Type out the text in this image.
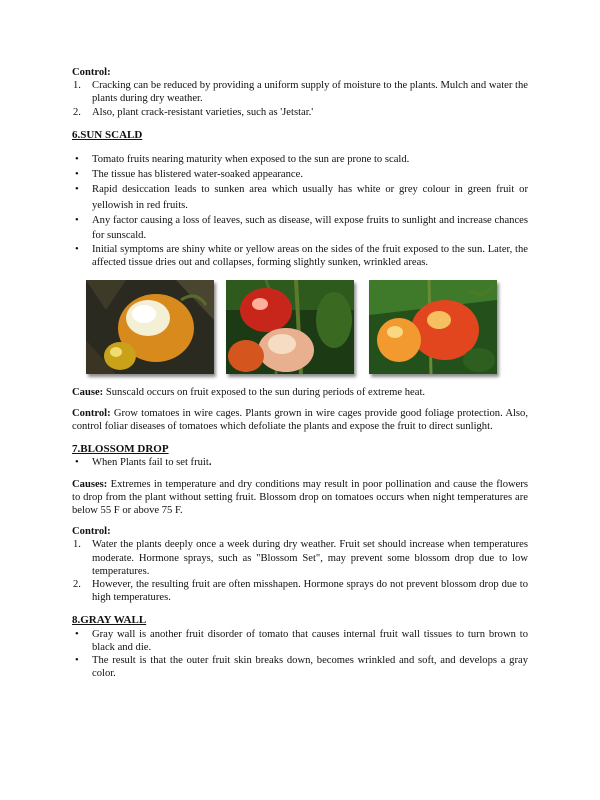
Control:

1. Cracking can be reduced by providing a uniform supply of moisture to the plants. Mulch and water the plants during dry weather.
2. Also, plant crack-resistant varieties, such as 'Jetstar.'

6.SUN SCALD

• Tomato fruits nearing maturity when exposed to the sun are prone to scald.
• The tissue has blistered water-soaked appearance.
• Rapid desiccation leads to sunken area which usually has white or grey colour in green fruit or yellowish in red fruits.
• Any factor causing a loss of leaves, such as disease, will expose fruits to sunlight and increase chances for sunscald.
• Initial symptoms are shiny white or yellow areas on the sides of the fruit exposed to the sun. Later, the affected tissue dries out and collapses, forming slightly sunken, wrinkled areas.

Cause: Sunscald occurs on fruit exposed to the sun during periods of extreme heat.

Control: Grow tomatoes in wire cages. Plants grown in wire cages provide good foliage protection. Also, control foliar diseases of tomatoes which defoliate the plants and expose the fruit to direct sunlight.

7.BLOSSOM DROP

• When Plants fail to set fruit.

Causes: Extremes in temperature and dry conditions may result in poor pollination and cause the flowers to drop from the plant without setting fruit. Blossom drop on tomatoes occurs when night temperatures are below 55 F or above 75 F.

Control:

1. Water the plants deeply once a week during dry weather. Fruit set should increase when temperatures moderate. Hormone sprays, such as "Blossom Set", may prevent some blossom drop due to low temperatures.
2. However, the resulting fruit are often misshapen. Hormone sprays do not prevent blossom drop due to high temperatures.

8.GRAY WALL

• Gray wall is another fruit disorder of tomato that causes internal fruit wall tissues to turn brown to black and die.
• The result is that the outer fruit skin breaks down, becomes wrinkled and soft, and develops a gray color.
